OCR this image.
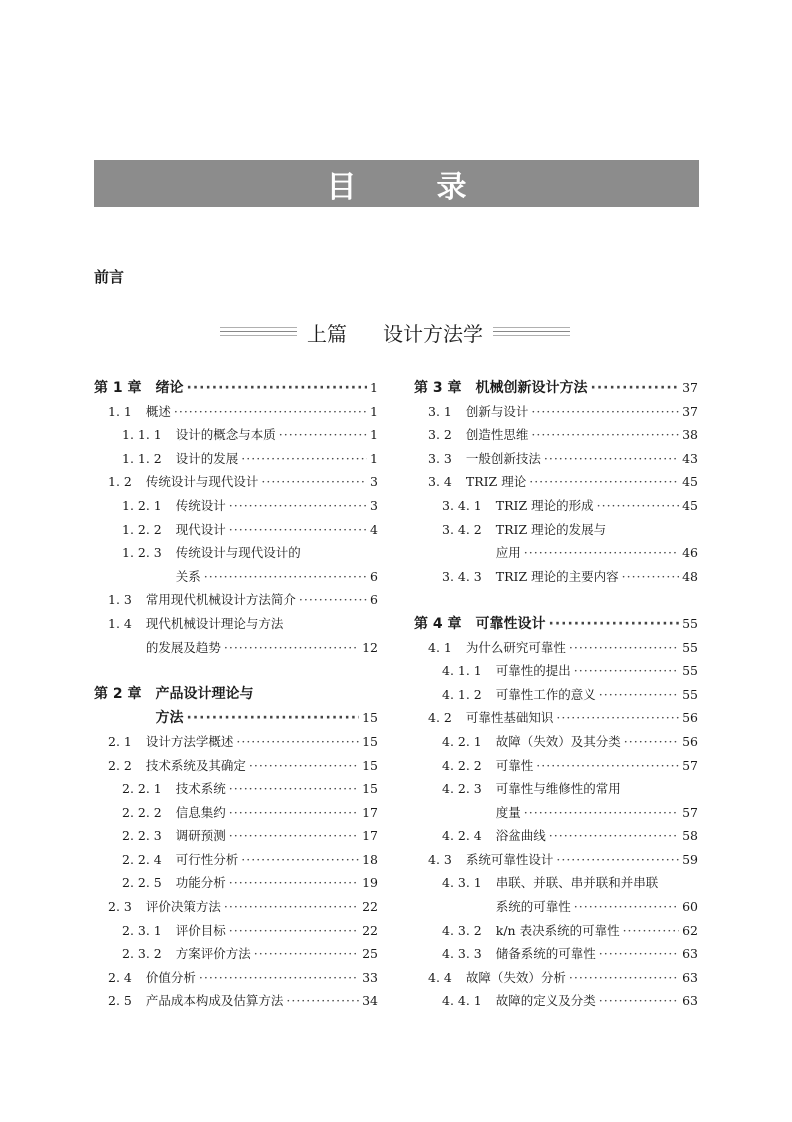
目录
前言
上篇 设计方法学
第 1 章 绪论 ·····	1
1. 1 概述 ·····	1
1. 1. 1 设计的概念与本质 ·····	1
1. 1. 2 设计的发展 ·····	1
1. 2 传统设计与现代设计 ·····	3
1. 2. 1 传统设计 ·····	3
1. 2. 2 现代设计 ·····	4
1. 2. 3 传统设计与现代设计的
关系 ·····	6
1. 3 常用现代机械设计方法简介 ·····	6
1. 4 现代机械设计理论与方法
的发展及趋势 ·····	12
第 2 章 产品设计理论与
方法 ·····	15
2. 1 设计方法学概述 ·····	15
2. 2 技术系统及其确定 ·····	15
2. 2. 1 技术系统 ·····	15
2. 2. 2 信息集约 ·····	17
2. 2. 3 调研预测 ·····	17
2. 2. 4 可行性分析 ·····	18
2. 2. 5 功能分析 ·····	19
2. 3 评价决策方法 ·····	22
2. 3. 1 评价目标 ·····	22
2. 3. 2 方案评价方法 ·····	25
2. 4 价值分析 ·····	33
2. 5 产品成本构成及估算方法 ·····	34
第 3 章 机械创新设计方法 ·····	37
3. 1 创新与设计 ·····	37
3. 2 创造性思维 ·····	38
3. 3 一般创新技法 ·····	43
3. 4 TRIZ 理论 ·····	45
3. 4. 1 TRIZ 理论的形成 ·····	45
3. 4. 2 TRIZ 理论的发展与
应用 ·····	46
3. 4. 3 TRIZ 理论的主要内容 ·····	48
第 4 章 可靠性设计 ·····	55
4. 1 为什么研究可靠性 ·····	55
4. 1. 1 可靠性的提出 ·····	55
4. 1. 2 可靠性工作的意义 ·····	55
4. 2 可靠性基础知识 ·····	56
4. 2. 1 故障（失效）及其分类 ·····	56
4. 2. 2 可靠性 ·····	57
4. 2. 3 可靠性与维修性的常用
度量 ·····	57
4. 2. 4 浴盆曲线 ·····	58
4. 3 系统可靠性设计 ·····	59
4. 3. 1 串联、并联、串并联和并串联
系统的可靠性 ·····	60
4. 3. 2 k/n 表决系统的可靠性 ·····	62
4. 3. 3 储备系统的可靠性 ·····	63
4. 4 故障（失效）分析 ·····	63
4. 4. 1 故障的定义及分类 ·····	63
